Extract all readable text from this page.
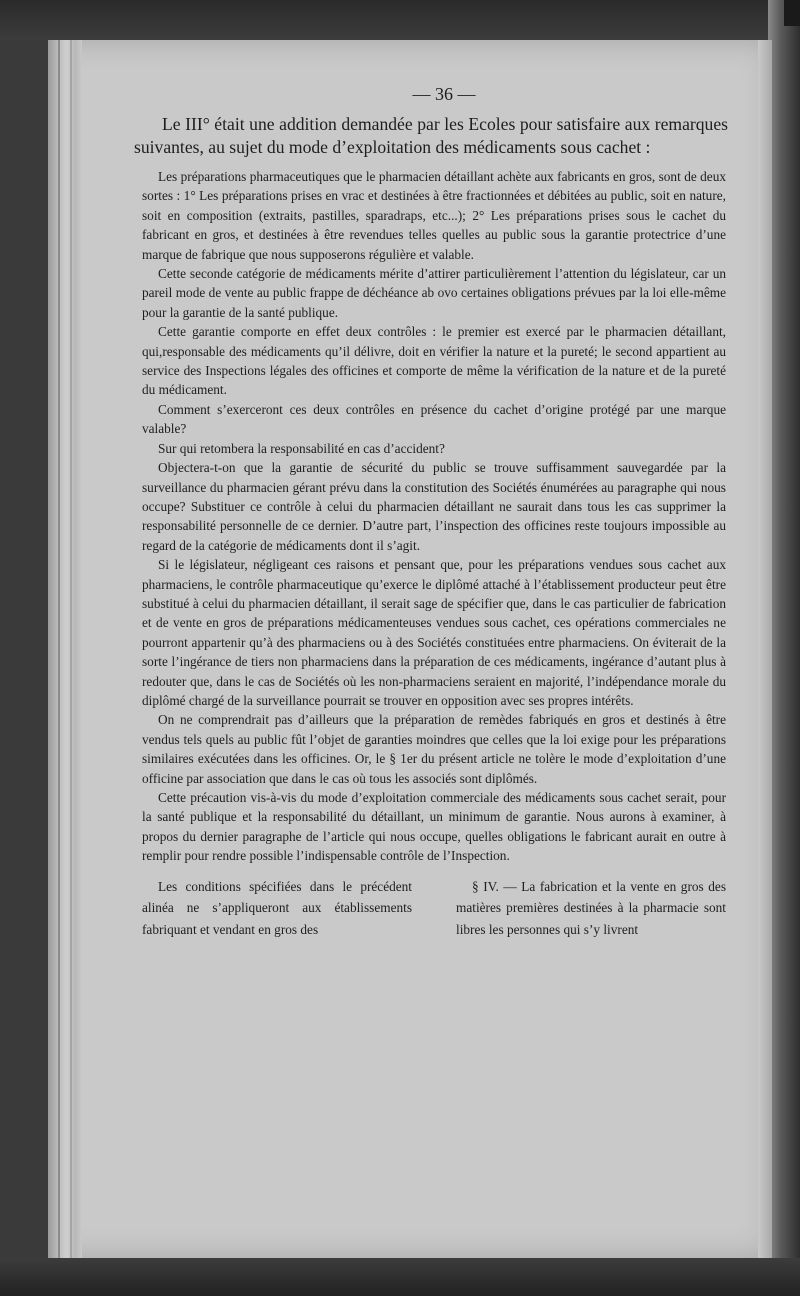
— 36 —

Le III° était une addition demandée par les Ecoles pour satisfaire aux remarques suivantes, au sujet du mode d’exploitation des médicaments sous cachet :

Les préparations pharmaceutiques que le pharmacien détaillant achète aux fabricants en gros, sont de deux sortes : 1° Les préparations prises en vrac et destinées à être fractionnées et débitées au public, soit en nature, soit en composition (extraits, pastilles, sparadraps, etc...); 2° Les préparations prises sous le cachet du fabricant en gros, et destinées à être revendues telles quelles au public sous la garantie protectrice d’une marque de fabrique que nous supposerons régulière et valable.

Cette seconde catégorie de médicaments mérite d’attirer particulièrement l’attention du législateur, car un pareil mode de vente au public frappe de déchéance ab ovo certaines obligations prévues par la loi elle-même pour la garantie de la santé publique.

Cette garantie comporte en effet deux contrôles : le premier est exercé par le pharmacien détaillant, qui,responsable des médicaments qu’il délivre, doit en vérifier la nature et la pureté; le second appartient au service des Inspections légales des officines et comporte de même la vérification de la nature et de la pureté du médicament.

Comment s’exerceront ces deux contrôles en présence du cachet d’origine protégé par une marque valable?

Sur qui retombera la responsabilité en cas d’accident?

Objectera-t-on que la garantie de sécurité du public se trouve suffisamment sauvegardée par la surveillance du pharmacien gérant prévu dans la constitution des Sociétés énumérées au paragraphe qui nous occupe? Substituer ce contrôle à celui du pharmacien détaillant ne saurait dans tous les cas supprimer la responsabilité personnelle de ce dernier. D’autre part, l’inspection des officines reste toujours impossible au regard de la catégorie de médicaments dont il s’agit.

Si le législateur, négligeant ces raisons et pensant que, pour les préparations vendues sous cachet aux pharmaciens, le contrôle pharmaceutique qu’exerce le diplômé attaché à l’établissement producteur peut être substitué à celui du pharmacien détaillant, il serait sage de spécifier que, dans le cas particulier de fabrication et de vente en gros de préparations médicamenteuses vendues sous cachet, ces opérations commerciales ne pourront appartenir qu’à des pharmaciens ou à des Sociétés constituées entre pharmaciens. On éviterait de la sorte l’ingérance de tiers non pharmaciens dans la préparation de ces médicaments, ingérance d’autant plus à redouter que, dans le cas de Sociétés où les non-pharmaciens seraient en majorité, l’indépendance morale du diplômé chargé de la surveillance pourrait se trouver en opposition avec ses propres intérêts.

On ne comprendrait pas d’ailleurs que la préparation de remèdes fabriqués en gros et destinés à être vendus tels quels au public fût l’objet de garanties moindres que celles que la loi exige pour les préparations similaires exécutées dans les officines. Or, le § 1er du présent article ne tolère le mode d’exploitation d’une officine par association que dans le cas où tous les associés sont diplômés.

Cette précaution vis-à-vis du mode d’exploitation commerciale des médicaments sous cachet serait, pour la santé publique et la responsabilité du détaillant, un minimum de garantie. Nous aurons à examiner, à propos du dernier paragraphe de l’article qui nous occupe, quelles obligations le fabricant aurait en outre à remplir pour rendre possible l’indispensable contrôle de l’Inspection.

Les conditions spécifiées dans le précédent alinéa ne s’appliqueront aux établissements fabriquant et vendant en gros des

§ IV. — La fabrication et la vente en gros des matières premières destinées à la pharmacie sont libres les personnes qui s’y livrent
